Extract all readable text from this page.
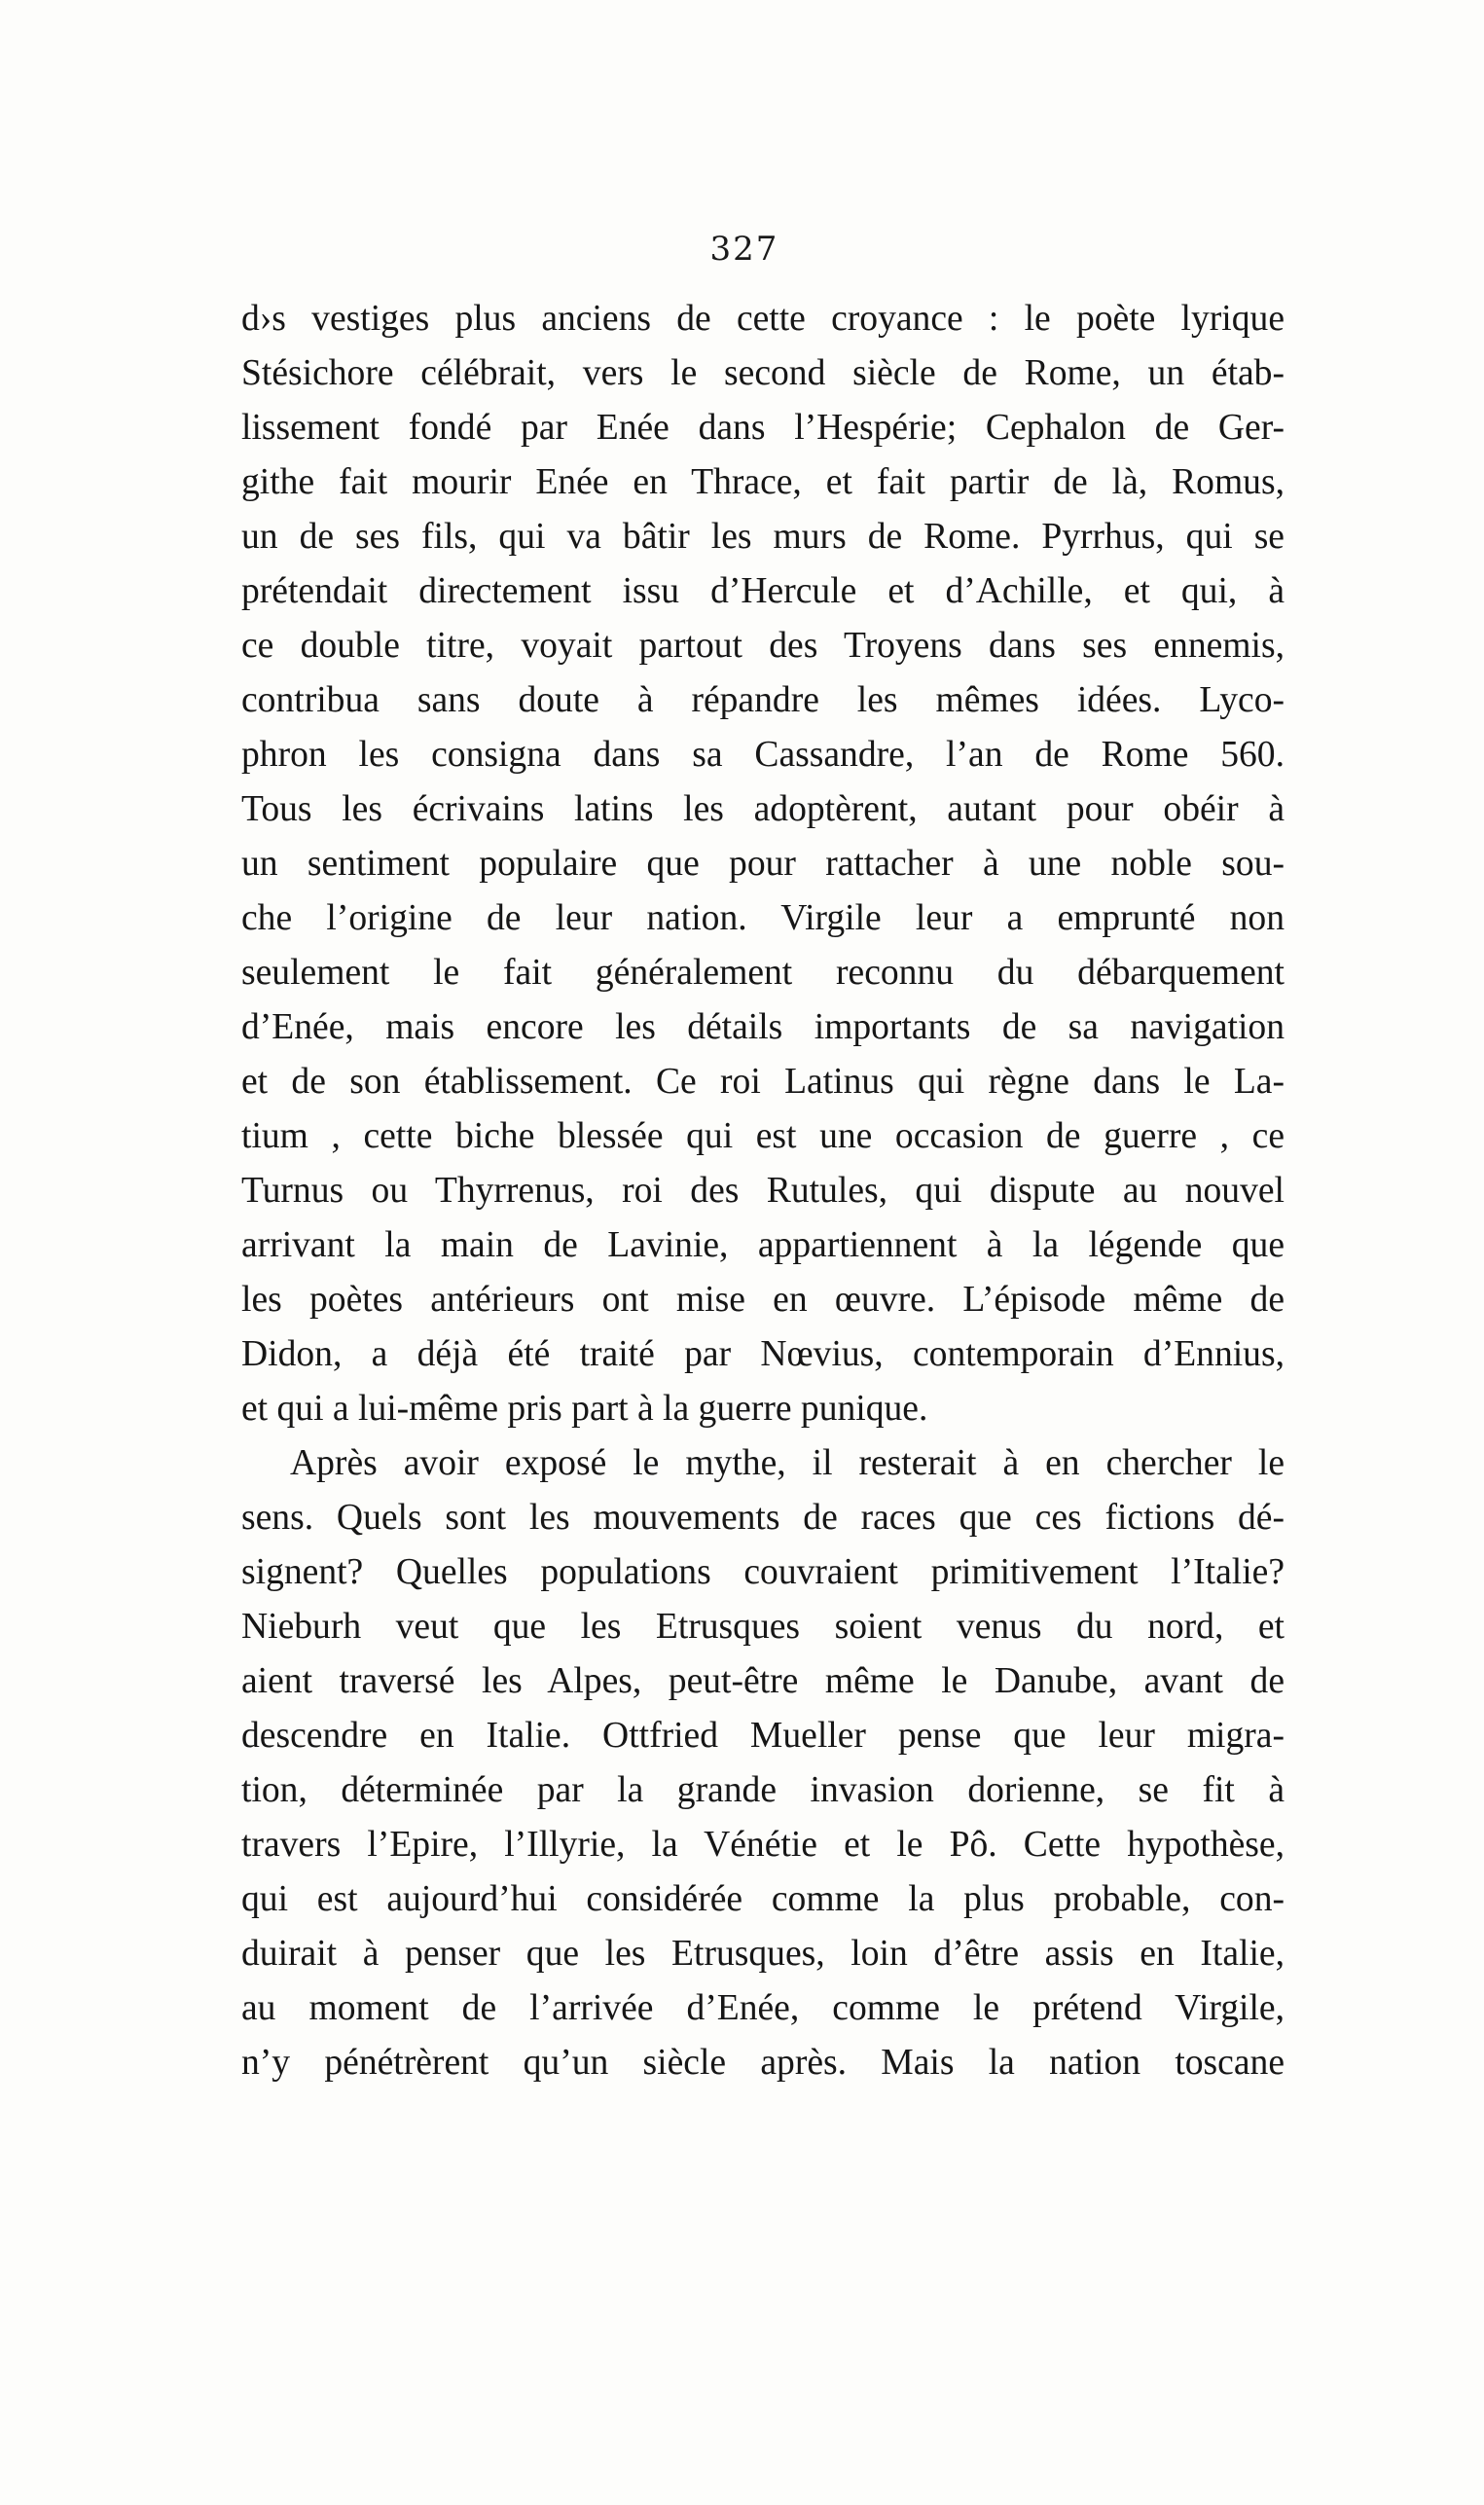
327
d›s vestiges plus anciens de cette croyance : le poète lyrique
Stésichore célébrait, vers le second siècle de Rome, un étab-
lissement fondé par Enée dans l’Hespérie; Cephalon de Ger-
githe fait mourir Enée en Thrace, et fait partir de là, Romus,
un de ses fils, qui va bâtir les murs de Rome. Pyrrhus, qui se
prétendait directement issu d’Hercule et d’Achille, et qui, à
ce double titre, voyait partout des Troyens dans ses ennemis,
contribua sans doute à répandre les mêmes idées. Lyco-
phron les consigna dans sa Cassandre, l’an de Rome 560.
Tous les écrivains latins les adoptèrent, autant pour obéir à
un sentiment populaire que pour rattacher à une noble sou-
che l’origine de leur nation. Virgile leur a emprunté non
seulement le fait généralement reconnu du débarquement
d’Enée, mais encore les détails importants de sa navigation
et de son établissement. Ce roi Latinus qui règne dans le La-
tium , cette biche blessée qui est une occasion de guerre , ce
Turnus ou Thyrrenus, roi des Rutules, qui dispute au nouvel
arrivant la main de Lavinie, appartiennent à la légende que
les poètes antérieurs ont mise en œuvre. L’épisode même de
Didon, a déjà été traité par Nœvius, contemporain d’Ennius,
et qui a lui-même pris part à la guerre punique.
Après avoir exposé le mythe, il resterait à en chercher le
sens. Quels sont les mouvements de races que ces fictions dé-
signent? Quelles populations couvraient primitivement l’Italie?
Nieburh veut que les Etrusques soient venus du nord, et
aient traversé les Alpes, peut-être même le Danube, avant de
descendre en Italie. Ottfried Mueller pense que leur migra-
tion, déterminée par la grande invasion dorienne, se fit à
travers l’Epire, l’Illyrie, la Vénétie et le Pô. Cette hypothèse,
qui est aujourd’hui considérée comme la plus probable, con-
duirait à penser que les Etrusques, loin d’être assis en Italie,
au moment de l’arrivée d’Enée, comme le prétend Virgile,
n’y pénétrèrent qu’un siècle après. Mais la nation toscane
